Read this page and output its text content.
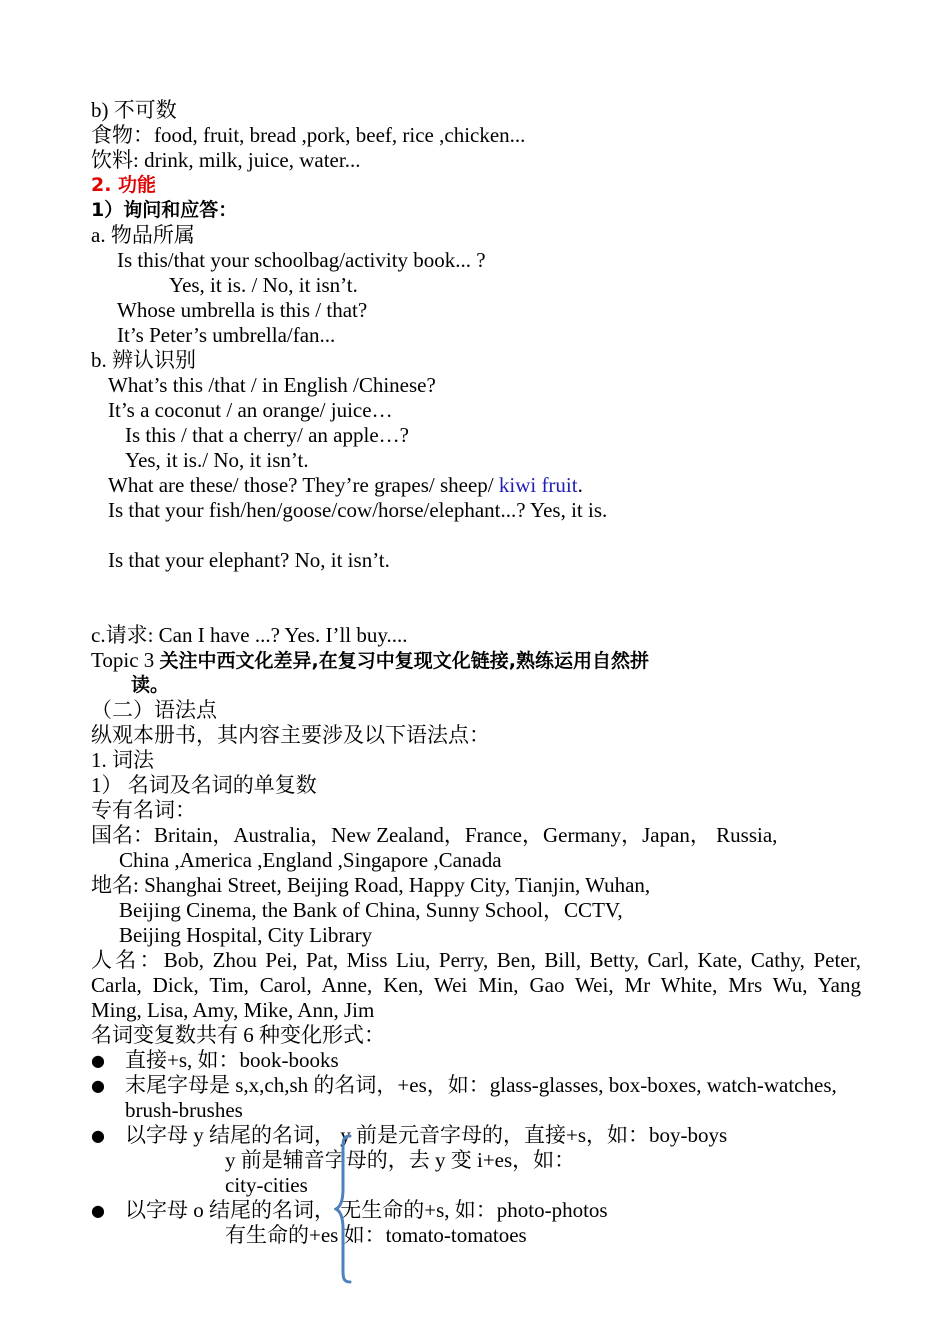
b) 不可数
食物：food, fruit, bread ,pork, beef, rice ,chicken...
饮料: drink, milk, juice, water...
2. 功能
1）询问和应答：
a. 物品所属
Is this/that your schoolbag/activity book... ?
Yes, it is. / No, it isn’t.
Whose umbrella is this / that?
It’s Peter’s umbrella/fan...
b. 辨认识别
What’s this /that / in English /Chinese?
It’s a coconut / an orange/ juice…
Is this / that a cherry/ an apple…?
Yes, it is./ No, it isn’t.
What are these/ those? They’re grapes/ sheep/ kiwi fruit.
Is that your fish/hen/goose/cow/horse/elephant...? Yes, it is.
Is that your elephant? No, it isn’t.
c.请求: Can I have ...? Yes. I’ll buy....
Topic 3 关注中西文化差异,在复习中复现文化链接,熟练运用自然拼
读。
（二）语法点
纵观本册书，其内容主要涉及以下语法点：
1. 词法
1） 名词及名词的单复数
专有名词：
国名：Britain，Australia，New Zealand，France，Germany，Japan， Russia,
China ,America ,England ,Singapore ,Canada
地名: Shanghai Street, Beijing Road, Happy City, Tianjin, Wuhan,
Beijing Cinema, the Bank of China, Sunny School，CCTV,
Beijing Hospital, City Library
人名：Bob, Zhou Pei, Pat, Miss Liu, Perry, Ben, Bill, Betty, Carl, Kate, Cathy, Peter,
Carla, Dick, Tim, Carol, Anne, Ken, Wei Min, Gao Wei, Mr White, Mrs Wu, Yang
Ming, Lisa, Amy, Mike, Ann, Jim
名词变复数共有 6 种变化形式：
● 直接+s, 如：book-books
● 末尾字母是 s,x,ch,sh 的名词，+es，如：glass-glasses, box-boxes, watch-watches,
brush-brushes
● 以字母 y 结尾的名词， y 前是元音字母的，直接+s，如：boy-boys
y 前是辅音字母的，去 y 变 i+es，如：
city-cities
● 以字母 o 结尾的名词， 无生命的+s, 如：photo-photos
有生命的+es 如：tomato-tomatoes
